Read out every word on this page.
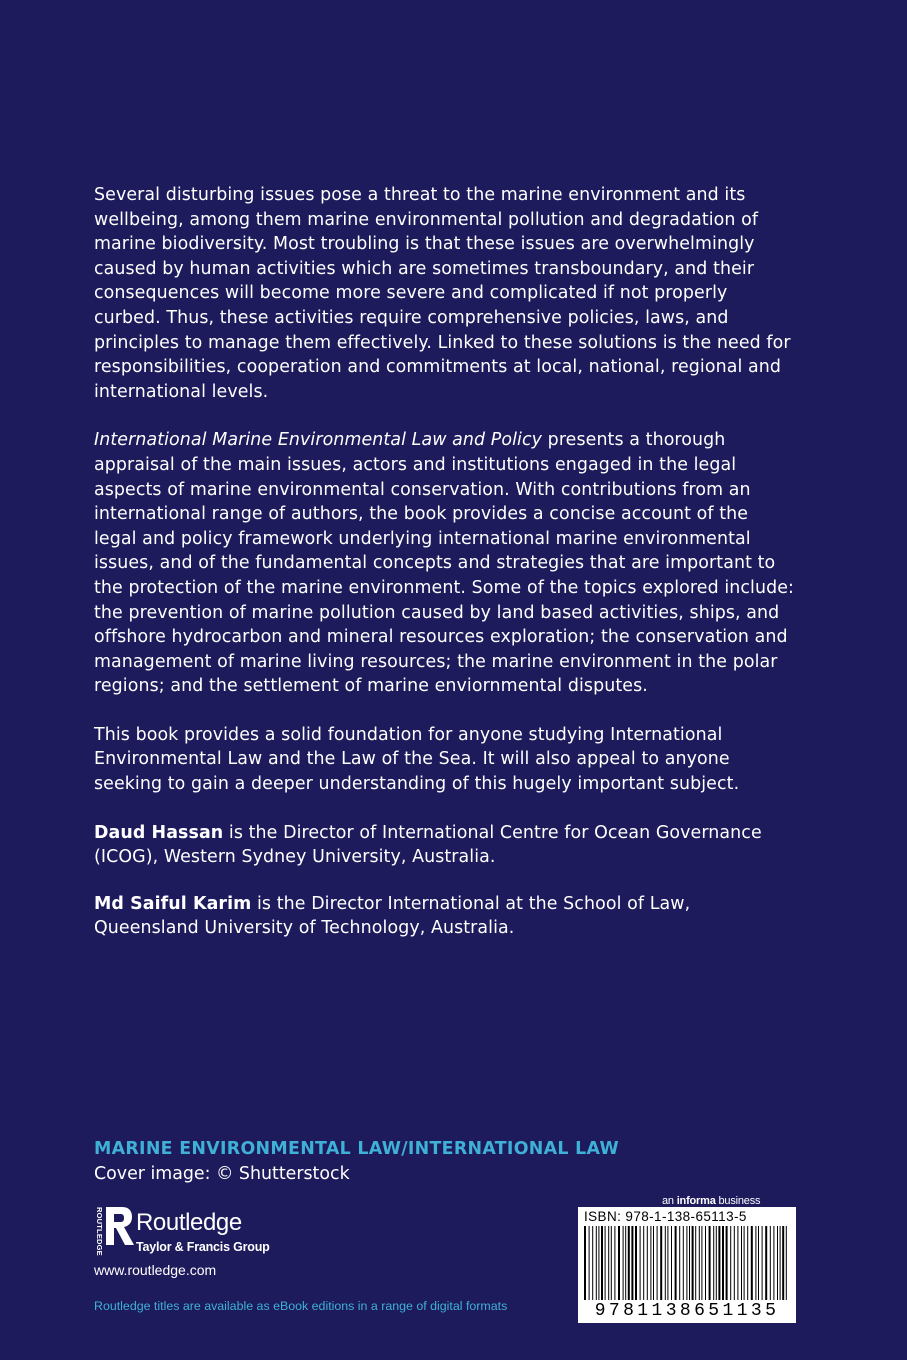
Several disturbing issues pose a threat to the marine environment and its wellbeing, among them marine environmental pollution and degradation of marine biodiversity. Most troubling is that these issues are overwhelmingly caused by human activities which are sometimes transboundary, and their consequences will become more severe and complicated if not properly curbed. Thus, these activities require comprehensive policies, laws, and principles to manage them effectively. Linked to these solutions is the need for responsibilities, cooperation and commitments at local, national, regional and international levels.

International Marine Environmental Law and Policy presents a thorough appraisal of the main issues, actors and institutions engaged in the legal aspects of marine environmental conservation. With contributions from an international range of authors, the book provides a concise account of the legal and policy framework underlying international marine environmental issues, and of the fundamental concepts and strategies that are important to the protection of the marine environment. Some of the topics explored include: the prevention of marine pollution caused by land based activities, ships, and offshore hydrocarbon and mineral resources exploration; the conservation and management of marine living resources; the marine environment in the polar regions; and the settlement of marine enviornmental disputes.

This book provides a solid foundation for anyone studying International Environmental Law and the Law of the Sea. It will also appeal to anyone seeking to gain a deeper understanding of this hugely important subject.

Daud Hassan is the Director of International Centre for Ocean Governance (ICOG), Western Sydney University, Australia.

Md Saiful Karim is the Director International at the School of Law, Queensland University of Technology, Australia.

MARINE ENVIRONMENTAL LAW/INTERNATIONAL LAW
Cover image: © Shutterstock
ROUTLEDGE Routledge
Taylor & Francis Group
www.routledge.com
Routledge titles are available as eBook editions in a range of digital formats
an informa business
ISBN: 978-1-138-65113-5
9781138651135
